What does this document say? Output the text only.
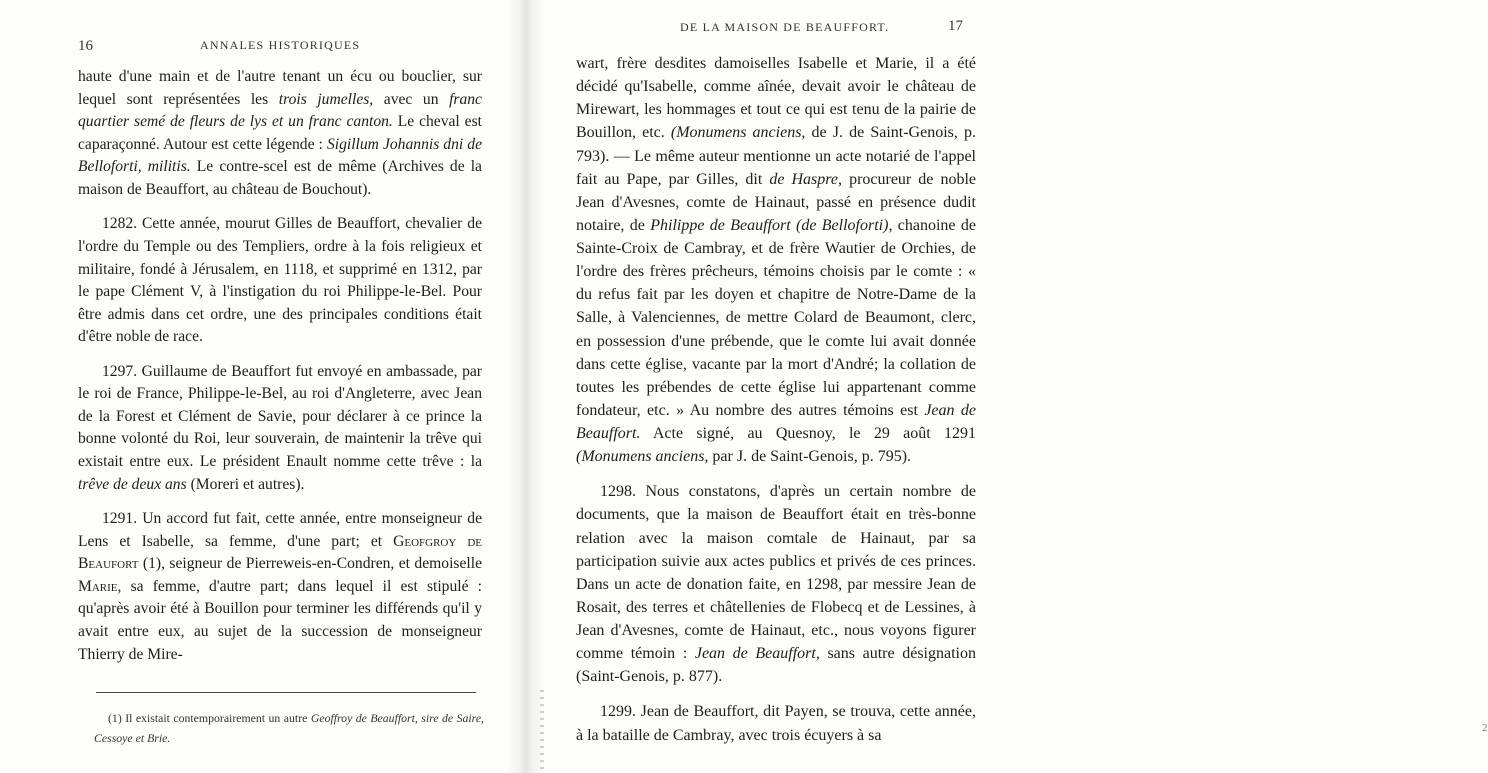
16	ANNALES HISTORIQUES

haute d'une main et de l'autre tenant un écu ou bouclier, sur lequel sont représentées les trois jumelles, avec un franc quartier semé de fleurs de lys et un franc canton. Le cheval est caparaçonné. Autour est cette légende : Sigillum Johannis dni de Belloforti, militis. Le contre-scel est de même (Archives de la maison de Beauffort, au château de Bouchout).

1282. Cette année, mourut Gilles de Beauffort, chevalier de l'ordre du Temple ou des Templiers, ordre à la fois religieux et militaire, fondé à Jérusalem, en 1118, et supprimé en 1312, par le pape Clément V, à l'instigation du roi Philippe-le-Bel. Pour être admis dans cet ordre, une des principales conditions était d'être noble de race.

1297. Guillaume de Beauffort fut envoyé en ambassade, par le roi de France, Philippe-le-Bel, au roi d'Angleterre, avec Jean de la Forest et Clément de Savie, pour déclarer à ce prince la bonne volonté du Roi, leur souverain, de maintenir la trêve qui existait entre eux. Le président Enault nomme cette trêve : la trêve de deux ans (Moreri et autres).

1291. Un accord fut fait, cette année, entre monseigneur de Lens et Isabelle, sa femme, d'une part; et Geofgroy de Beaufort (1), seigneur de Pierreweis-en-Condren, et demoiselle Marie, sa femme, d'autre part; dans lequel il est stipulé : qu'après avoir été à Bouillon pour terminer les différends qu'il y avait entre eux, au sujet de la succession de monseigneur Thierry de Mire-

(1) Il existait contemporairement un autre Geoffroy de Beauffort, sire de Saire, Cessoye et Brie.

DE LA MAISON DE BEAUFFORT.	17

wart, frère desdites damoiselles Isabelle et Marie, il a été décidé qu'Isabelle, comme aînée, devait avoir le château de Mirewart, les hommages et tout ce qui est tenu de la pairie de Bouillon, etc. (Monumens anciens, de J. de Saint-Genois, p. 793). — Le même auteur mentionne un acte notarié de l'appel fait au Pape, par Gilles, dit de Haspre, procureur de noble Jean d'Avesnes, comte de Hainaut, passé en présence dudit notaire, de Philippe de Beauffort (de Belloforti), chanoine de Sainte-Croix de Cambray, et de frère Wautier de Orchies, de l'ordre des frères prêcheurs, témoins choisis par le comte : « du refus fait par les doyen et chapitre de Notre-Dame de la Salle, à Valenciennes, de mettre Colard de Beaumont, clerc, en possession d'une prébende, que le comte lui avait donnée dans cette église, vacante par la mort d'André; la collation de toutes les prébendes de cette église lui appartenant comme fondateur, etc. » Au nombre des autres témoins est Jean de Beauffort. Acte signé, au Quesnoy, le 29 août 1291 (Monumens anciens, par J. de Saint-Genois, p. 795).

1298. Nous constatons, d'après un certain nombre de documents, que la maison de Beauffort était en très-bonne relation avec la maison comtale de Hainaut, par sa participation suivie aux actes publics et privés de ces princes. Dans un acte de donation faite, en 1298, par messire Jean de Rosait, des terres et châtellenies de Flobecq et de Lessines, à Jean d'Avesnes, comte de Hainaut, etc., nous voyons figurer comme témoin : Jean de Beauffort, sans autre désignation (Saint-Genois, p. 877).

1299. Jean de Beauffort, dit Payen, se trouva, cette année, à la bataille de Cambray, avec trois écuyers à sa	2
